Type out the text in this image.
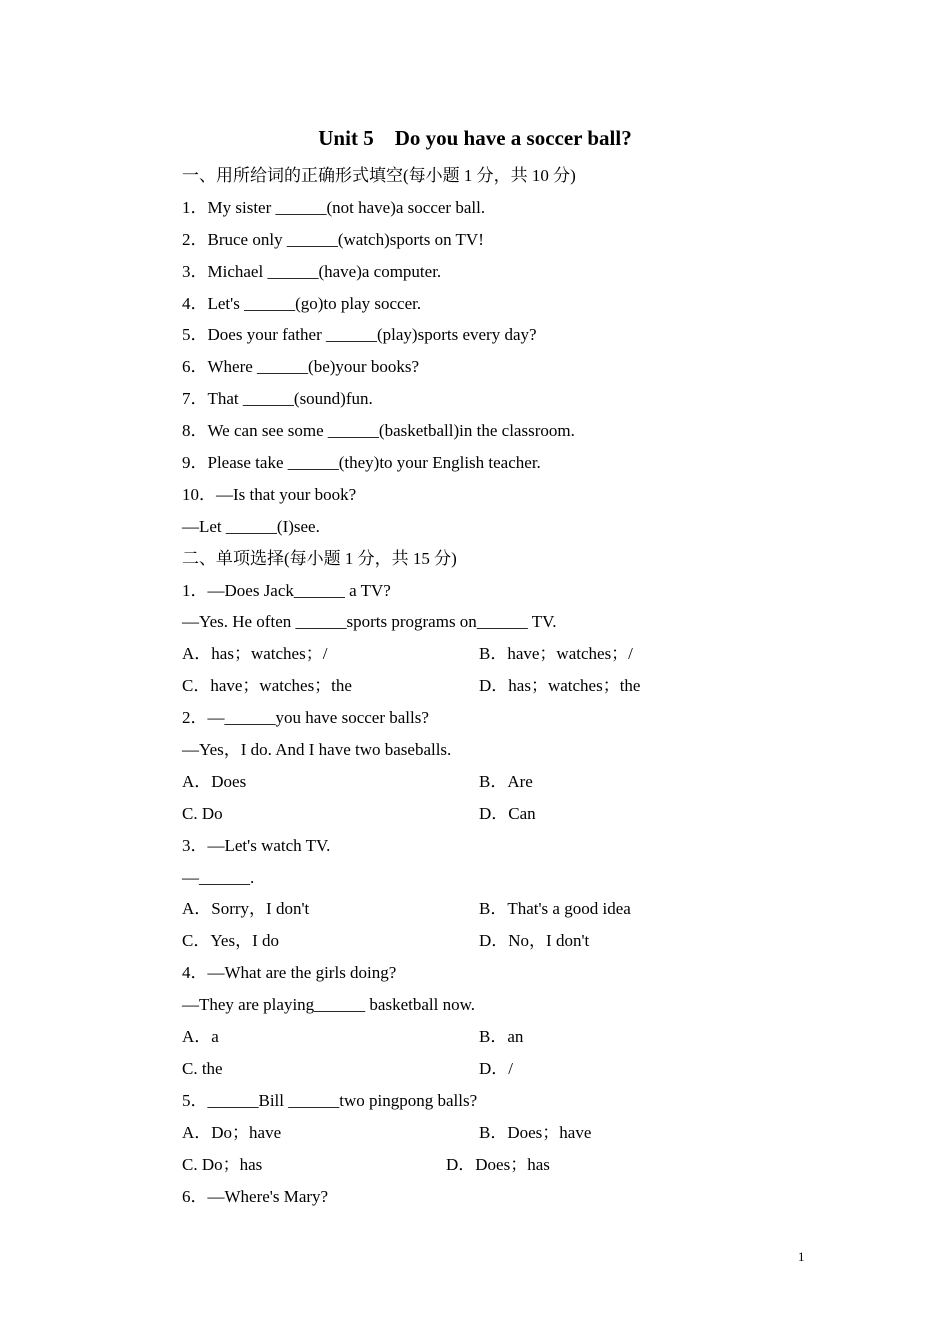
Unit 5    Do you have a soccer ball?
一、用所给词的正确形式填空(每小题 1 分，共 10 分)
1．My sister ______(not have)a soccer ball.
2．Bruce only ______(watch)sports on TV!
3．Michael ______(have)a computer.
4．Let's ______(go)to play soccer.
5．Does your father ______(play)sports every day?
6．Where ______(be)your books?
7．That ______(sound)fun.
8．We can see some ______(basketball)in the classroom.
9．Please take ______(they)to your English teacher.
10．—Is that your book?
—Let ______(I)see.
二、单项选择(每小题 1 分，共 15 分)
1．—Does Jack______ a TV?
—Yes. He often ______sports programs on______ TV.
A．has；watches；/	B．have；watches；/
C．have；watches；the	D．has；watches；the
2．—______you have soccer balls?
—Yes，I do. And I have two baseballs.
A．Does	B．Are
C. Do	D．Can
3．—Let's watch TV.
—______.
A．Sorry，I don't	B．That's a good idea
C．Yes，I do	D．No，I don't
4．—What are the girls doing?
—They are playing______ basketball now.
A．a	B．an
C. the	D．/
5．______Bill ______two pingpong balls?
A．Do；have	B．Does；have
C. Do；has	D．Does；has
6．—Where's Mary?
1
